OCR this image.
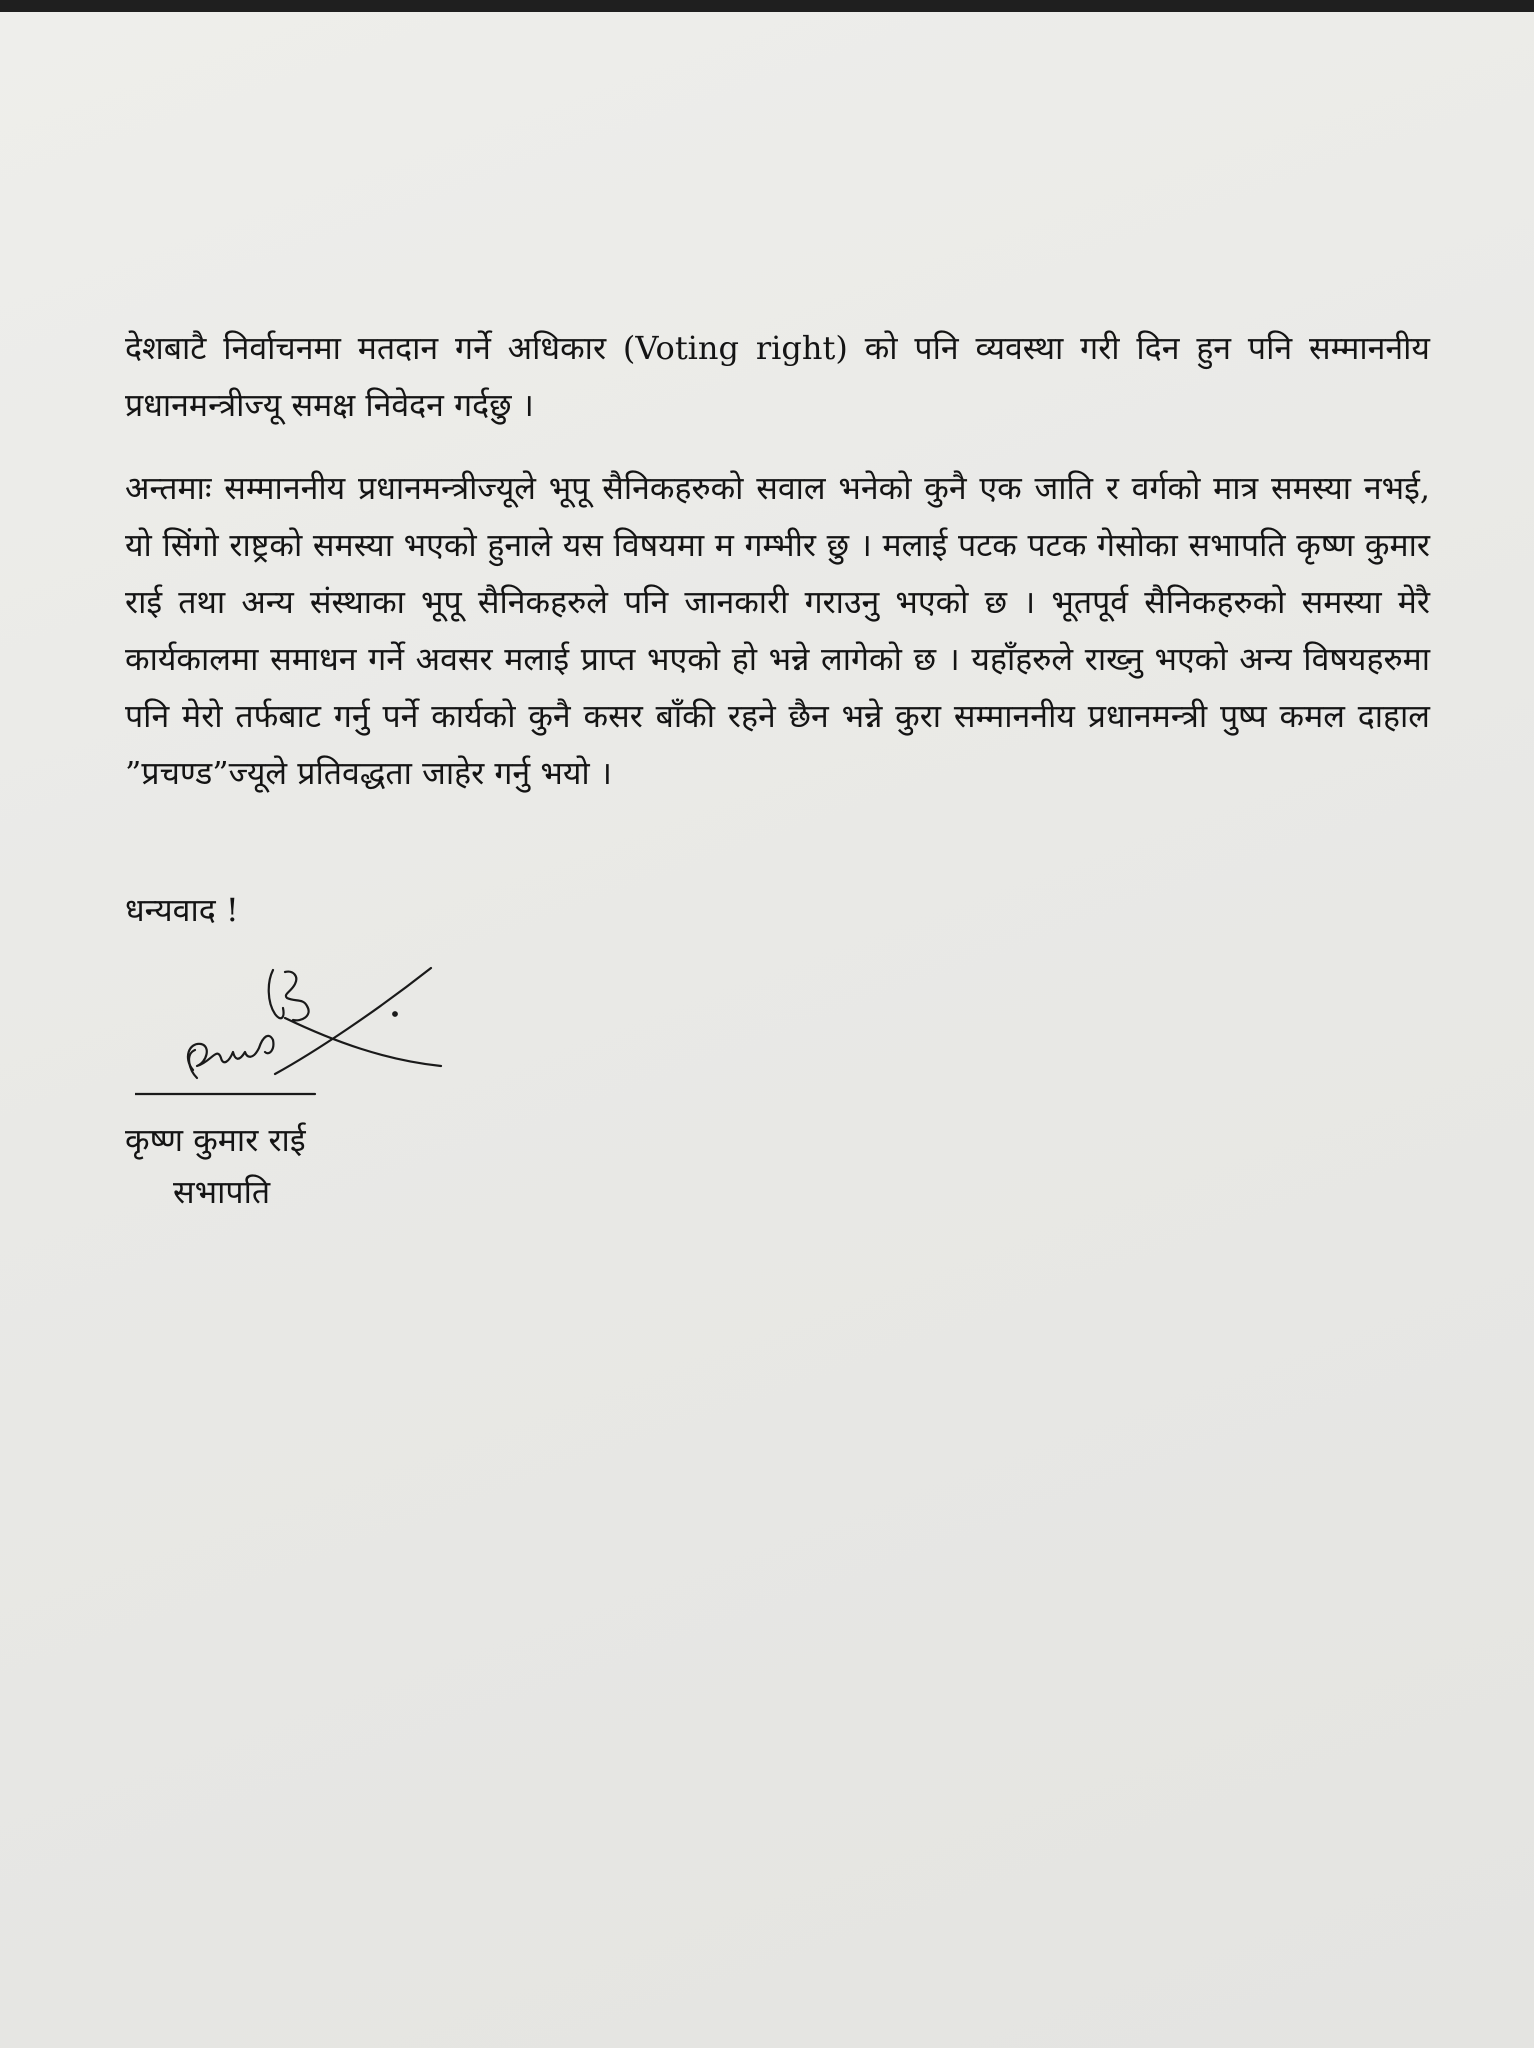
देशबाटै निर्वाचनमा मतदान गर्ने अधिकार (Voting right) को पनि व्यवस्था गरी दिन हुन पनि सम्माननीय प्रधानमन्त्रीज्यू समक्ष निवेदन गर्दछु ।

अन्तमाः सम्माननीय प्रधानमन्त्रीज्यूले भूपू सैनिकहरुको सवाल भनेको कुनै एक जाति र वर्गको मात्र समस्या नभई, यो सिंगो राष्ट्रको समस्या भएको हुनाले यस विषयमा म गम्भीर छु । मलाई पटक पटक गेसोका सभापति कृष्ण कुमार राई तथा अन्य संस्थाका भूपू सैनिकहरुले पनि जानकारी गराउनु भएको छ । भूतपूर्व सैनिकहरुको समस्या मेरै कार्यकालमा समाधन गर्ने अवसर मलाई प्राप्त भएको हो भन्ने लागेको छ । यहाँहरुले राख्नु भएको अन्य विषयहरुमा पनि मेरो तर्फबाट गर्नु पर्ने कार्यको कुनै कसर बाँकी रहने छैन भन्ने कुरा सम्माननीय प्रधानमन्त्री पुष्प कमल दाहाल ”प्रचण्ड”ज्यूले प्रतिवद्धता जाहेर गर्नु भयो ।

धन्यवाद !

कृष्ण कुमार राई

सभापति
